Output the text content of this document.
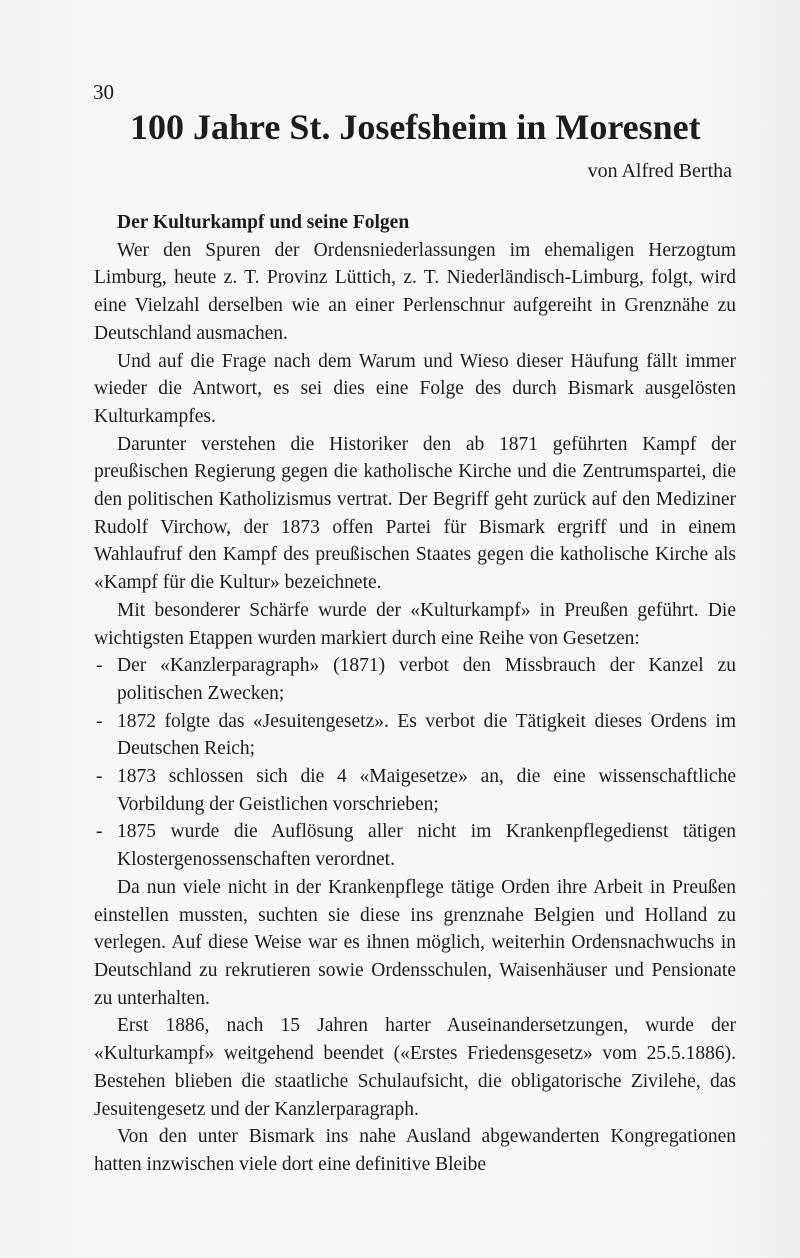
30
100 Jahre St. Josefsheim in Moresnet
von Alfred Bertha
Der Kulturkampf und seine Folgen

Wer den Spuren der Ordensniederlassungen im ehemaligen Herzogtum Limburg, heute z. T. Provinz Lüttich, z. T. Niederländisch-Limburg, folgt, wird eine Vielzahl derselben wie an einer Perlenschnur aufgereiht in Grenznähe zu Deutschland ausmachen.

Und auf die Frage nach dem Warum und Wieso dieser Häufung fällt immer wieder die Antwort, es sei dies eine Folge des durch Bismark ausgelösten Kulturkampfes.

Darunter verstehen die Historiker den ab 1871 geführten Kampf der preußischen Regierung gegen die katholische Kirche und die Zentrumspartei, die den politischen Katholizismus vertrat. Der Begriff geht zurück auf den Mediziner Rudolf Virchow, der 1873 offen Partei für Bismark ergriff und in einem Wahlaufruf den Kampf des preußischen Staates gegen die katholische Kirche als «Kampf für die Kultur» bezeichnete.

Mit besonderer Schärfe wurde der «Kulturkampf» in Preußen geführt. Die wichtigsten Etappen wurden markiert durch eine Reihe von Gesetzen:

- Der «Kanzlerparagraph» (1871) verbot den Missbrauch der Kanzel zu politischen Zwecken;
- 1872 folgte das «Jesuitengesetz». Es verbot die Tätigkeit dieses Ordens im Deutschen Reich;
- 1873 schlossen sich die 4 «Maigesetze» an, die eine wissenschaftliche Vorbildung der Geistlichen vorschrieben;
- 1875 wurde die Auflösung aller nicht im Krankenpflegedienst tätigen Klostergenossenschaften verordnet.

Da nun viele nicht in der Krankenpflege tätige Orden ihre Arbeit in Preußen einstellen mussten, suchten sie diese ins grenznahe Belgien und Holland zu verlegen. Auf diese Weise war es ihnen möglich, weiterhin Ordensnachwuchs in Deutschland zu rekrutieren sowie Ordensschulen, Waisenhäuser und Pensionate zu unterhalten.

Erst 1886, nach 15 Jahren harter Auseinandersetzungen, wurde der «Kulturkampf» weitgehend beendet («Erstes Friedensgesetz» vom 25.5.1886). Bestehen blieben die staatliche Schulaufsicht, die obligatorische Zivilehe, das Jesuitengesetz und der Kanzlerparagraph.

Von den unter Bismark ins nahe Ausland abgewanderten Kongregationen hatten inzwischen viele dort eine definitive Bleibe
